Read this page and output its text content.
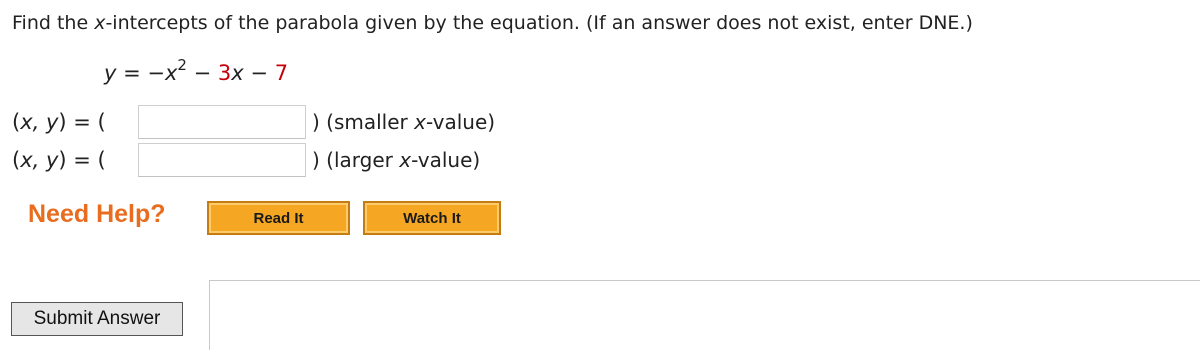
Find the x-intercepts of the parabola given by the equation. (If an answer does not exist, enter DNE.)
$y = -x^2 - 3x - 7$
(x, y) = (	) (smaller x-value)
(x, y) = (	) (larger x-value)
Need Help?	Read It	Watch It
Submit Answer
